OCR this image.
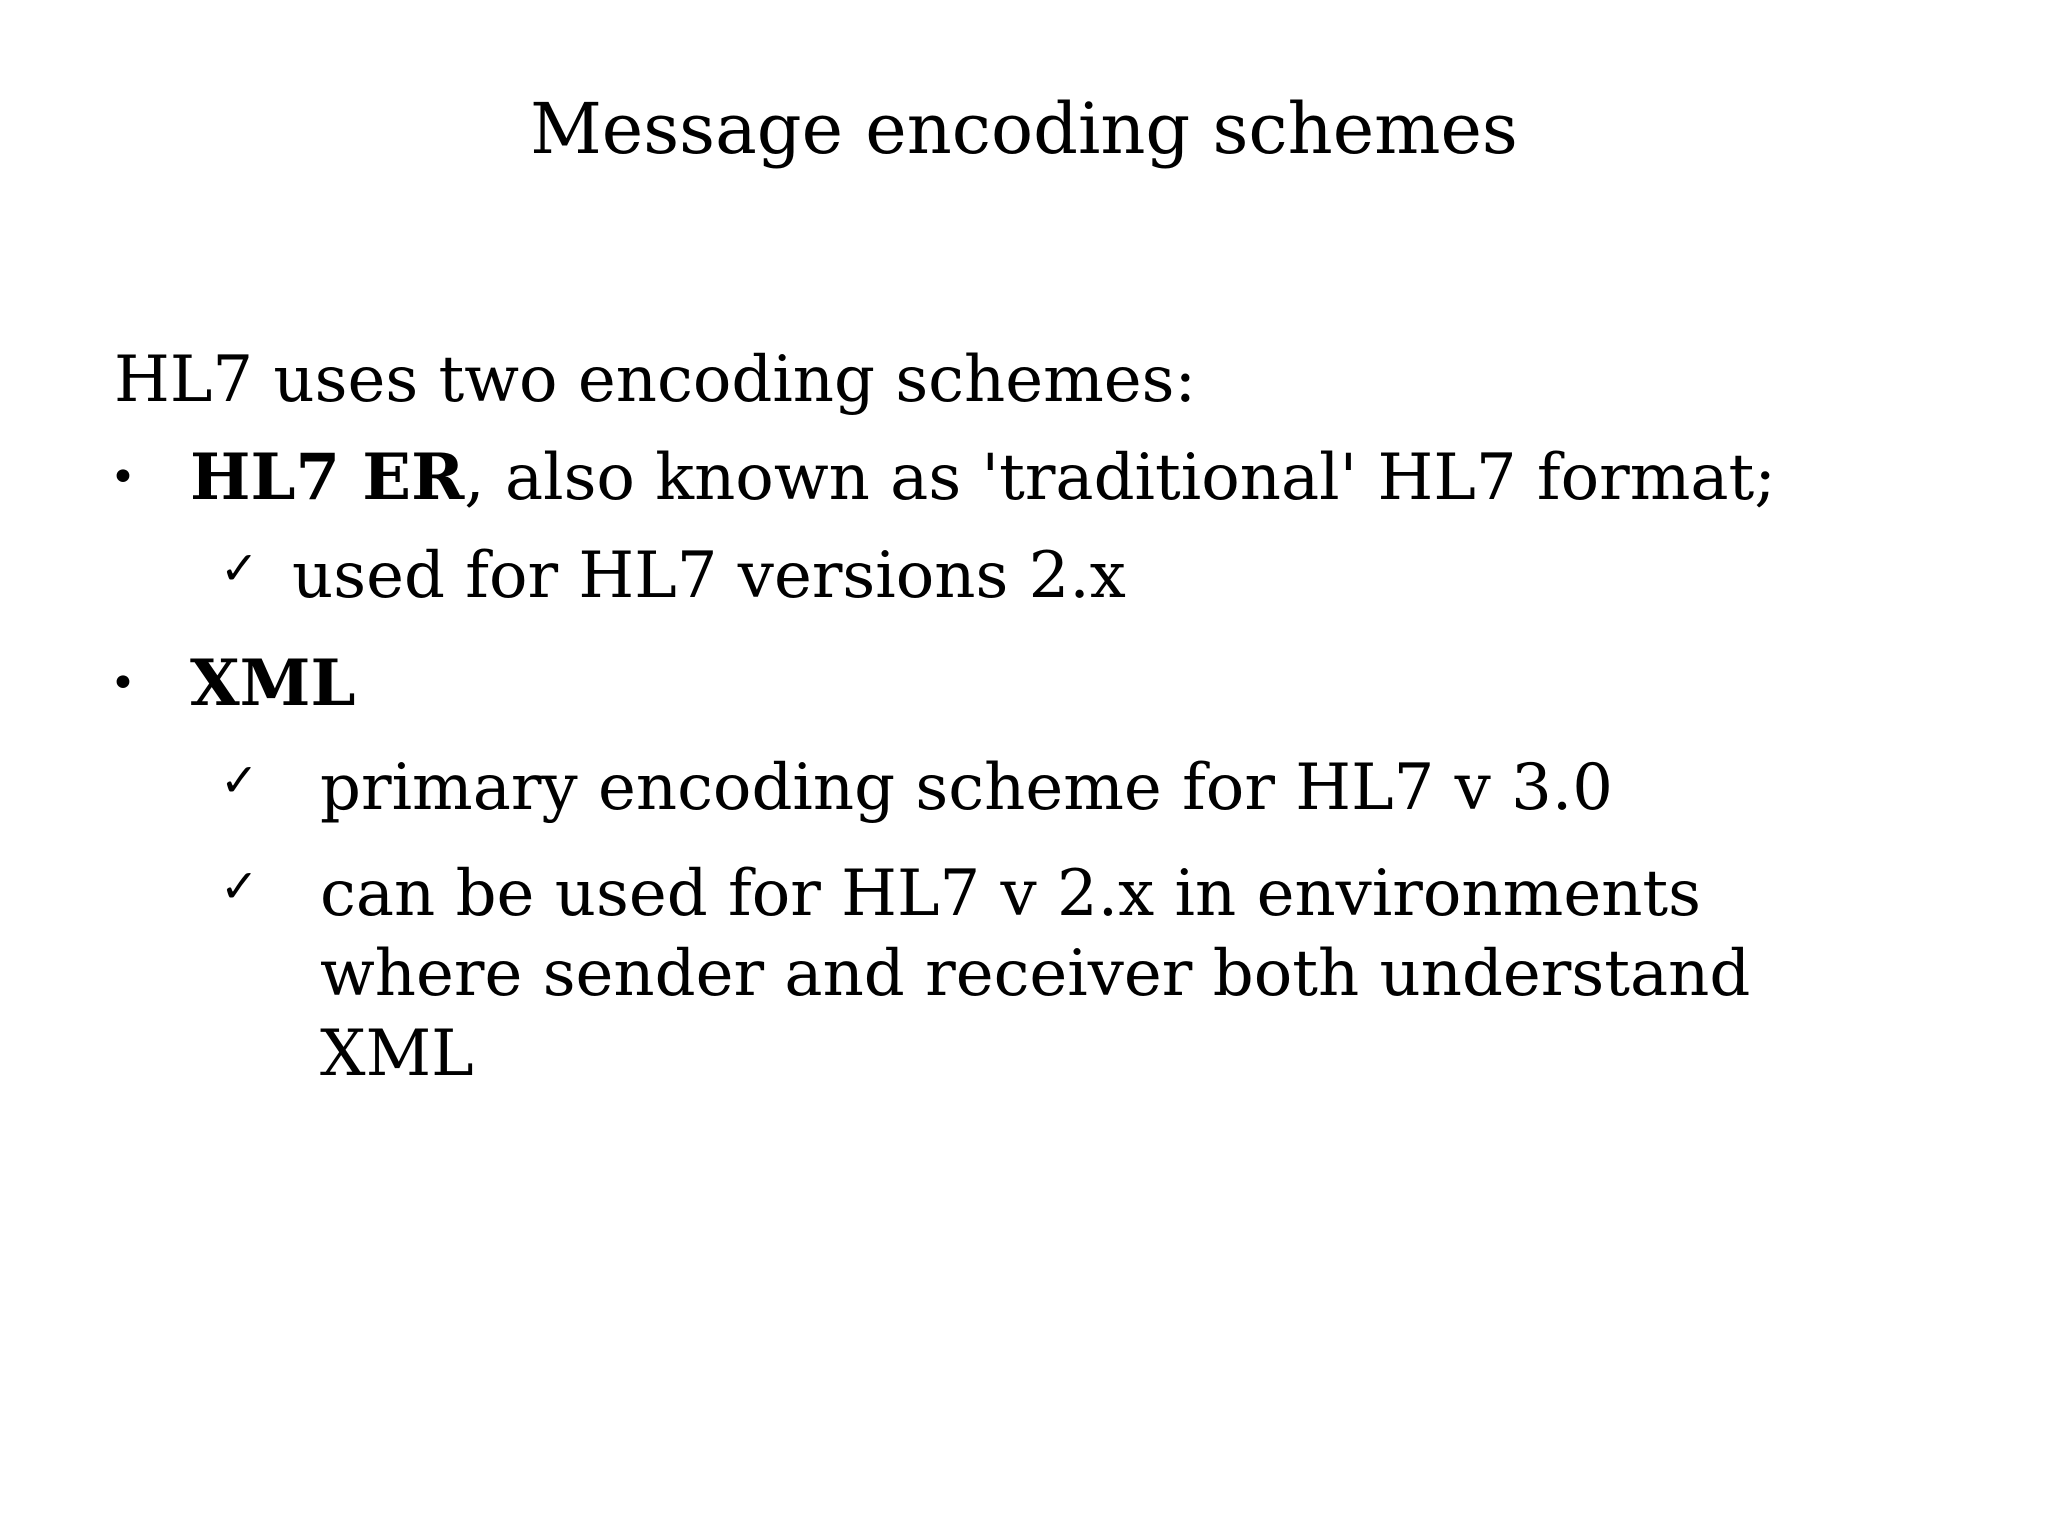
Message encoding schemes
HL7 uses two encoding schemes:
• HL7 ER, also known as 'traditional' HL7 format;
✓ used for HL7 versions 2.x
• XML
✓ primary encoding scheme for HL7 v 3.0
✓ can be used for HL7 v 2.x in environments
where sender and receiver both understand
XML
